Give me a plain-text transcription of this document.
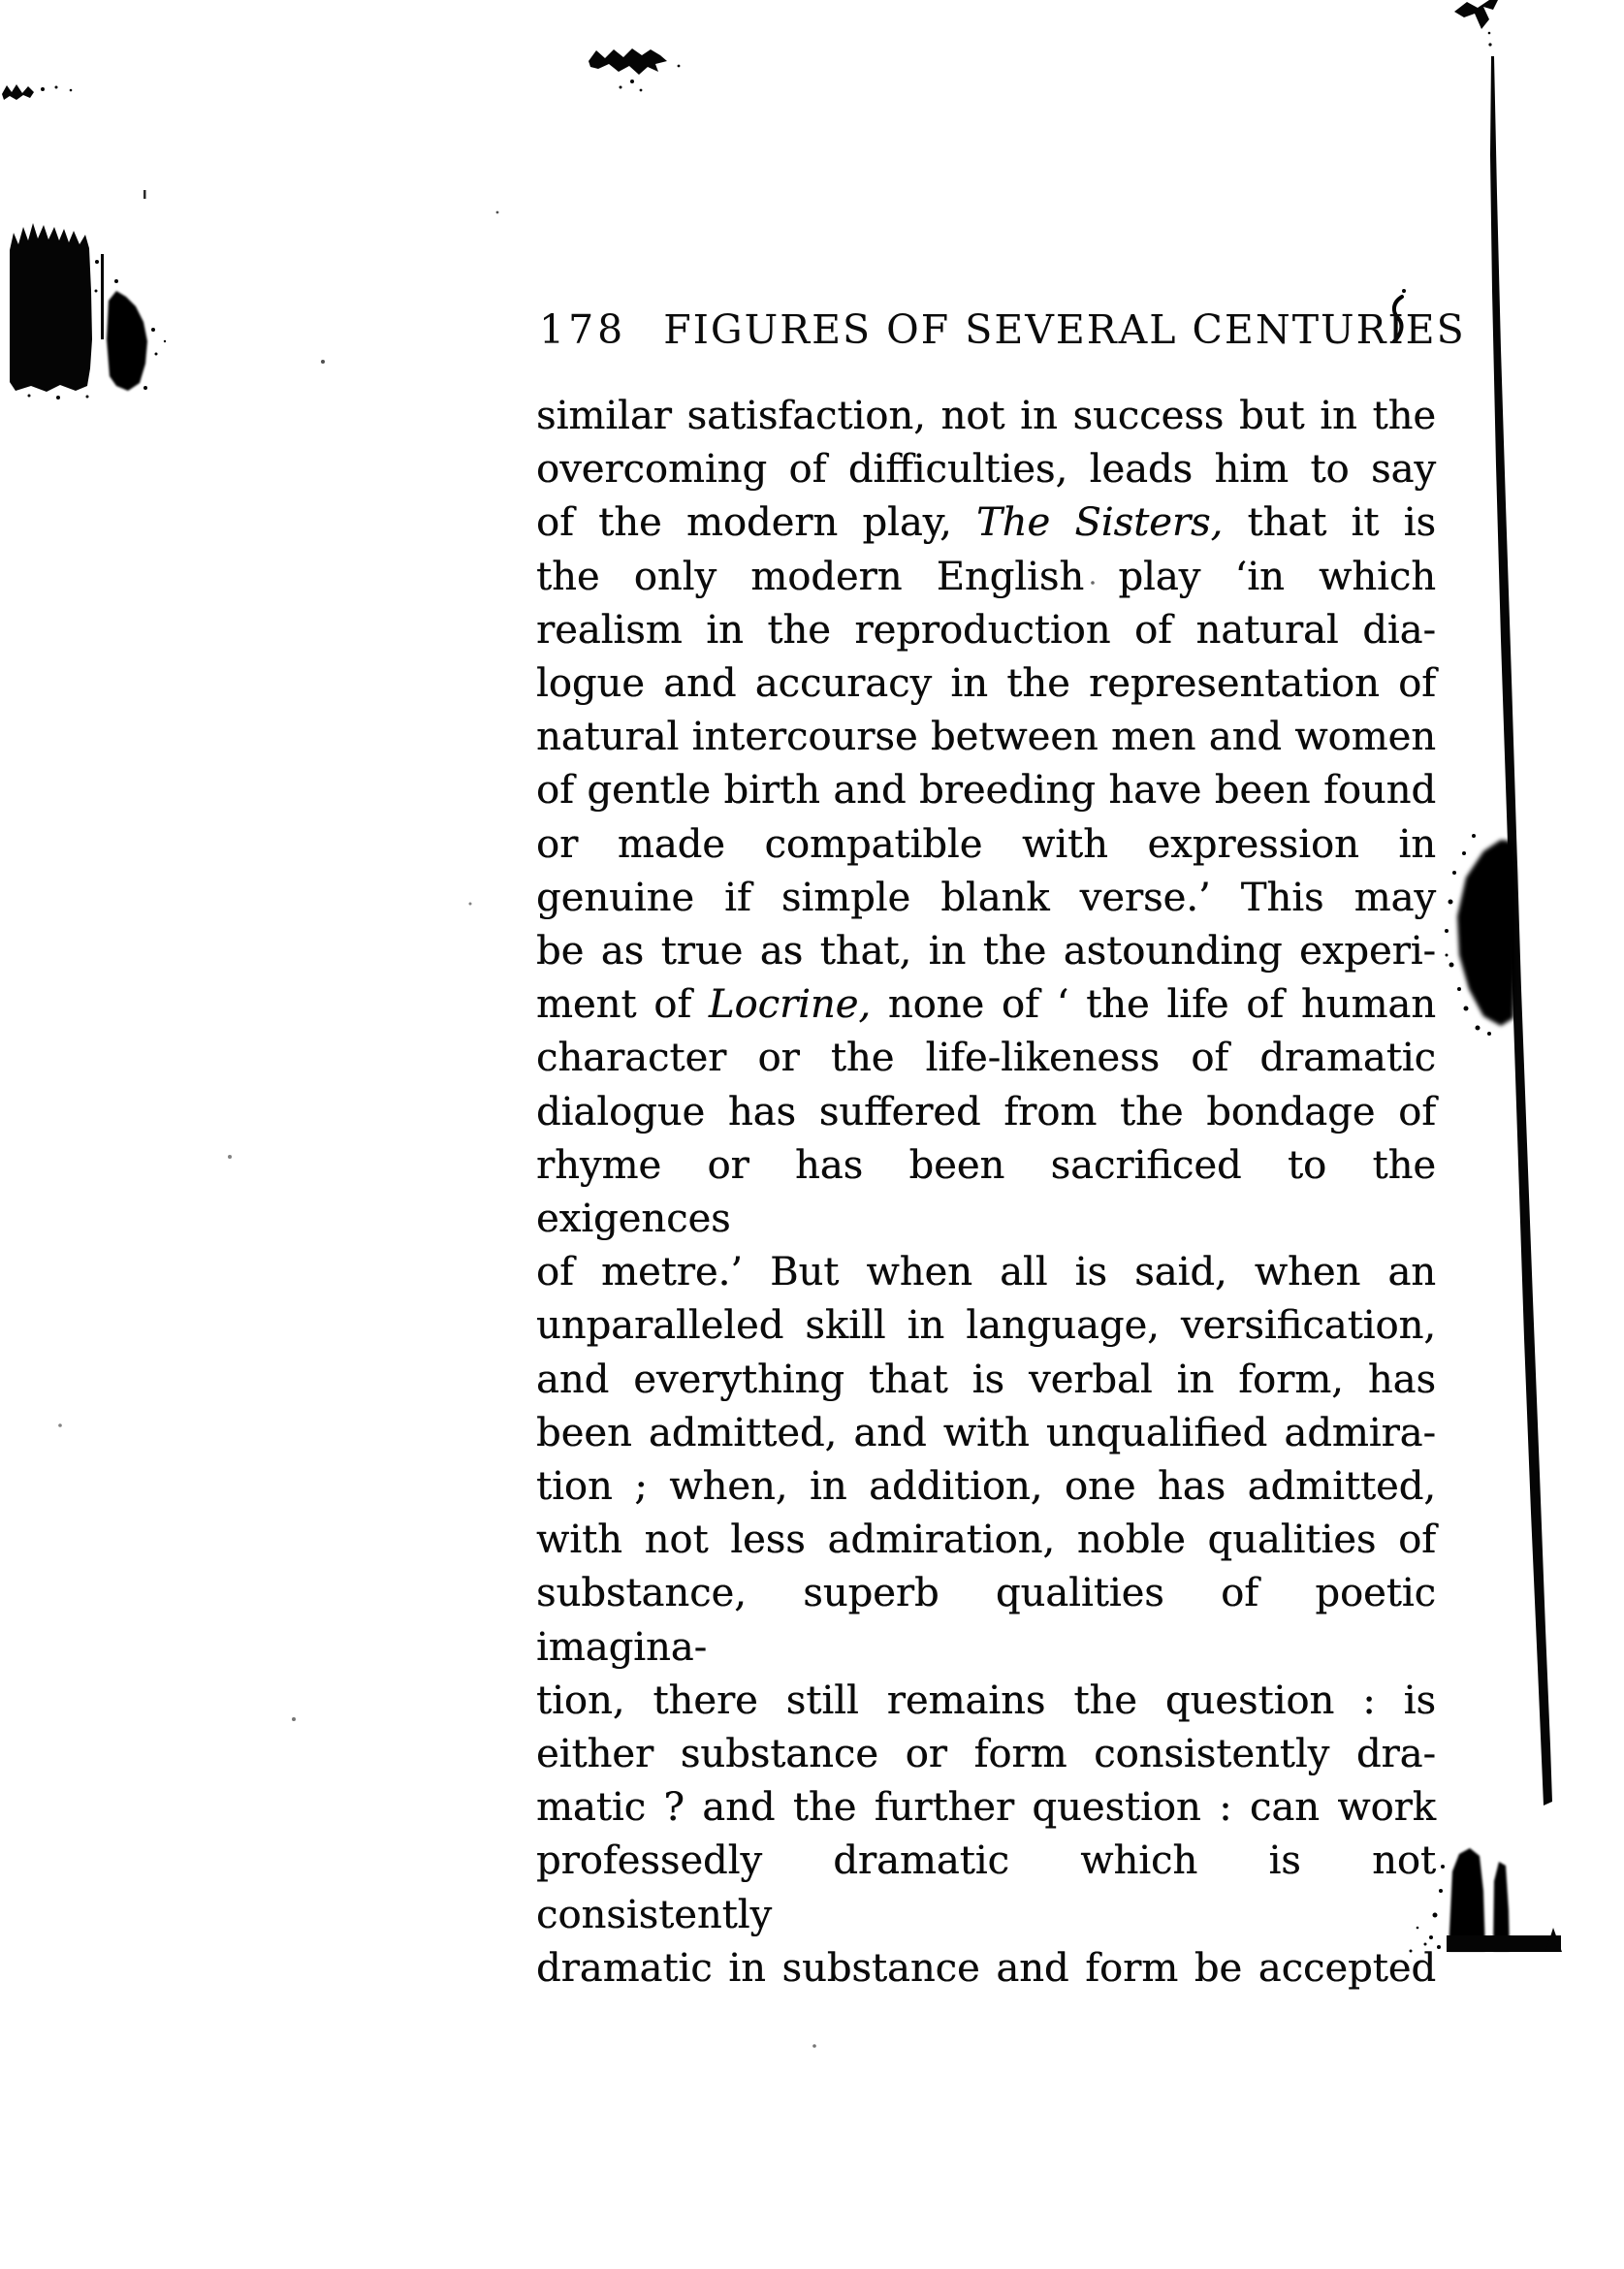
178 FIGURES OF SEVERAL CENTURIES
similar satisfaction, not in success but in the
overcoming of difficulties, leads him to say
of the modern play, The Sisters, that it is
the only modern English play ‘in which
realism in the reproduction of natural dia-
logue and accuracy in the representation of
natural intercourse between men and women
of gentle birth and breeding have been found
or made compatible with expression in
genuine if simple blank verse.’ This may
be as true as that, in the astounding experi-
ment of Locrine, none of ‘ the life of human
character or the life-likeness of dramatic
dialogue has suffered from the bondage of
rhyme or has been sacrificed to the exigences
of metre.’ But when all is said, when an
unparalleled skill in language, versification,
and everything that is verbal in form, has
been admitted, and with unqualified admira-
tion ; when, in addition, one has admitted,
with not less admiration, noble qualities of
substance, superb qualities of poetic imagina-
tion, there still remains the question : is
either substance or form consistently dra-
matic ? and the further question : can work
professedly dramatic which is not consistently
dramatic in substance and form be accepted
